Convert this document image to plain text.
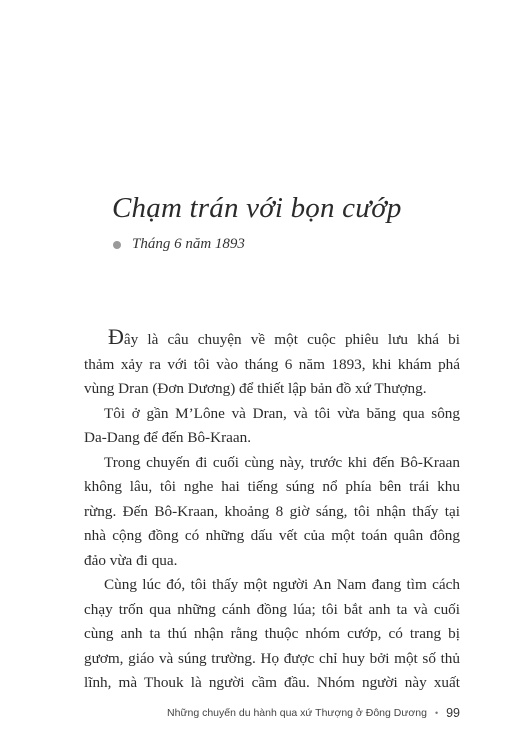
Chạm trán với bọn cướp
Tháng 6 năm 1893

Đây là câu chuyện về một cuộc phiêu lưu khá bi
thảm xảy ra với tôi vào tháng 6 năm 1893, khi khám phá
vùng Dran (Đơn Dương) để thiết lập bản đồ xứ Thượng.

Tôi ở gần M’Lône và Dran, và tôi vừa băng qua sông
Da-Dang để đến Bô-Kraan.

Trong chuyến đi cuối cùng này, trước khi đến Bô-Kraan
không lâu, tôi nghe hai tiếng súng nổ phía bên trái khu
rừng. Đến Bô-Kraan, khoảng 8 giờ sáng, tôi nhận thấy tại
nhà cộng đồng có những dấu vết của một toán quân đông
đảo vừa đi qua.

Cùng lúc đó, tôi thấy một người An Nam đang tìm cách
chạy trốn qua những cánh đồng lúa; tôi bắt anh ta và cuối
cùng anh ta thú nhận rằng thuộc nhóm cướp, có trang bị
gươm, giáo và súng trường. Họ được chỉ huy bởi một số thủ
lĩnh, mà Thouk là người cầm đầu. Nhóm người này xuất

Những chuyến du hành qua xứ Thượng ở Đông Dương • 99
